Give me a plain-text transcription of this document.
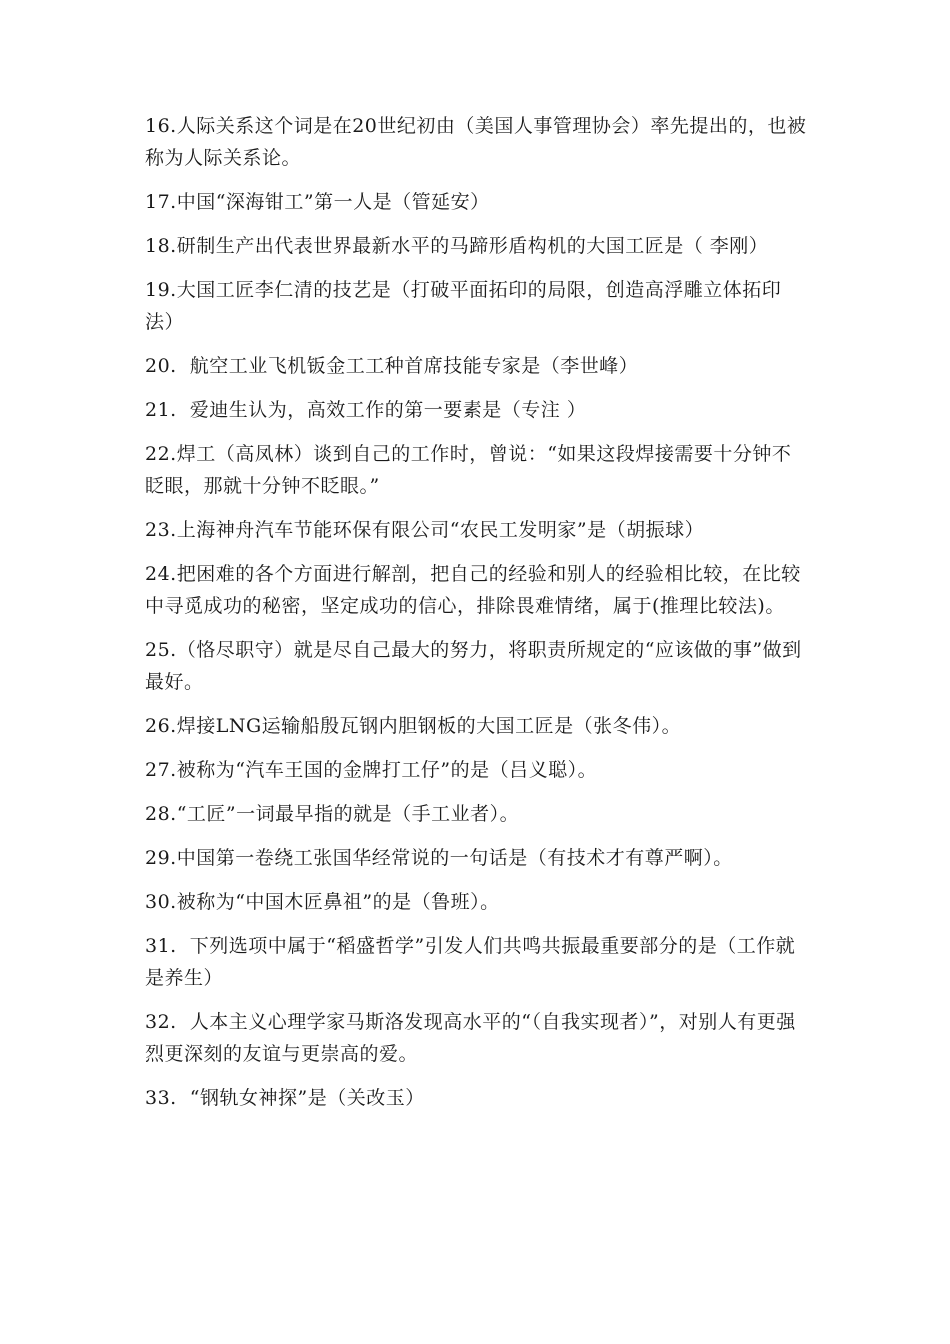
16.人际关系这个词是在20世纪初由（美国人事管理协会）率先提出的，也被称为人际关系论。

17.中国“深海钳工”第一人是（管延安）

18.研制生产出代表世界最新水平的马蹄形盾构机的大国工匠是（ 李刚）

19.大国工匠李仁清的技艺是（打破平面拓印的局限，创造高浮雕立体拓印法）

20.  航空工业飞机钣金工工种首席技能专家是（李世峰）

21.  爱迪生认为，高效工作的第一要素是（专注 ）

22.焊工（高凤林）谈到自己的工作时，曾说：“如果这段焊接需要十分钟不眨眼，那就十分钟不眨眼。”

23.上海神舟汽车节能环保有限公司“农民工发明家”是（胡振球）

24.把困难的各个方面进行解剖，把自己的经验和别人的经验相比较，在比较中寻觅成功的秘密，坚定成功的信心，排除畏难情绪，属于(推理比较法)。

25.（恪尽职守）就是尽自己最大的努力，将职责所规定的“应该做的事”做到最好。

26.焊接LNG运输船殷瓦钢内胆钢板的大国工匠是（张冬伟）。

27.被称为“汽车王国的金牌打工仔”的是（吕义聪）。

28.“工匠”一词最早指的就是（手工业者）。

29.中国第一卷绕工张国华经常说的一句话是（有技术才有尊严啊）。

30.被称为“中国木匠鼻祖”的是（鲁班）。

31.  下列选项中属于“稻盛哲学”引发人们共鸣共振最重要部分的是（工作就是养生）

32.  人本主义心理学家马斯洛发现高水平的“（自我实现者）”，对别人有更强烈更深刻的友谊与更崇高的爱。

33.  “钢轨女神探”是（关改玉）
